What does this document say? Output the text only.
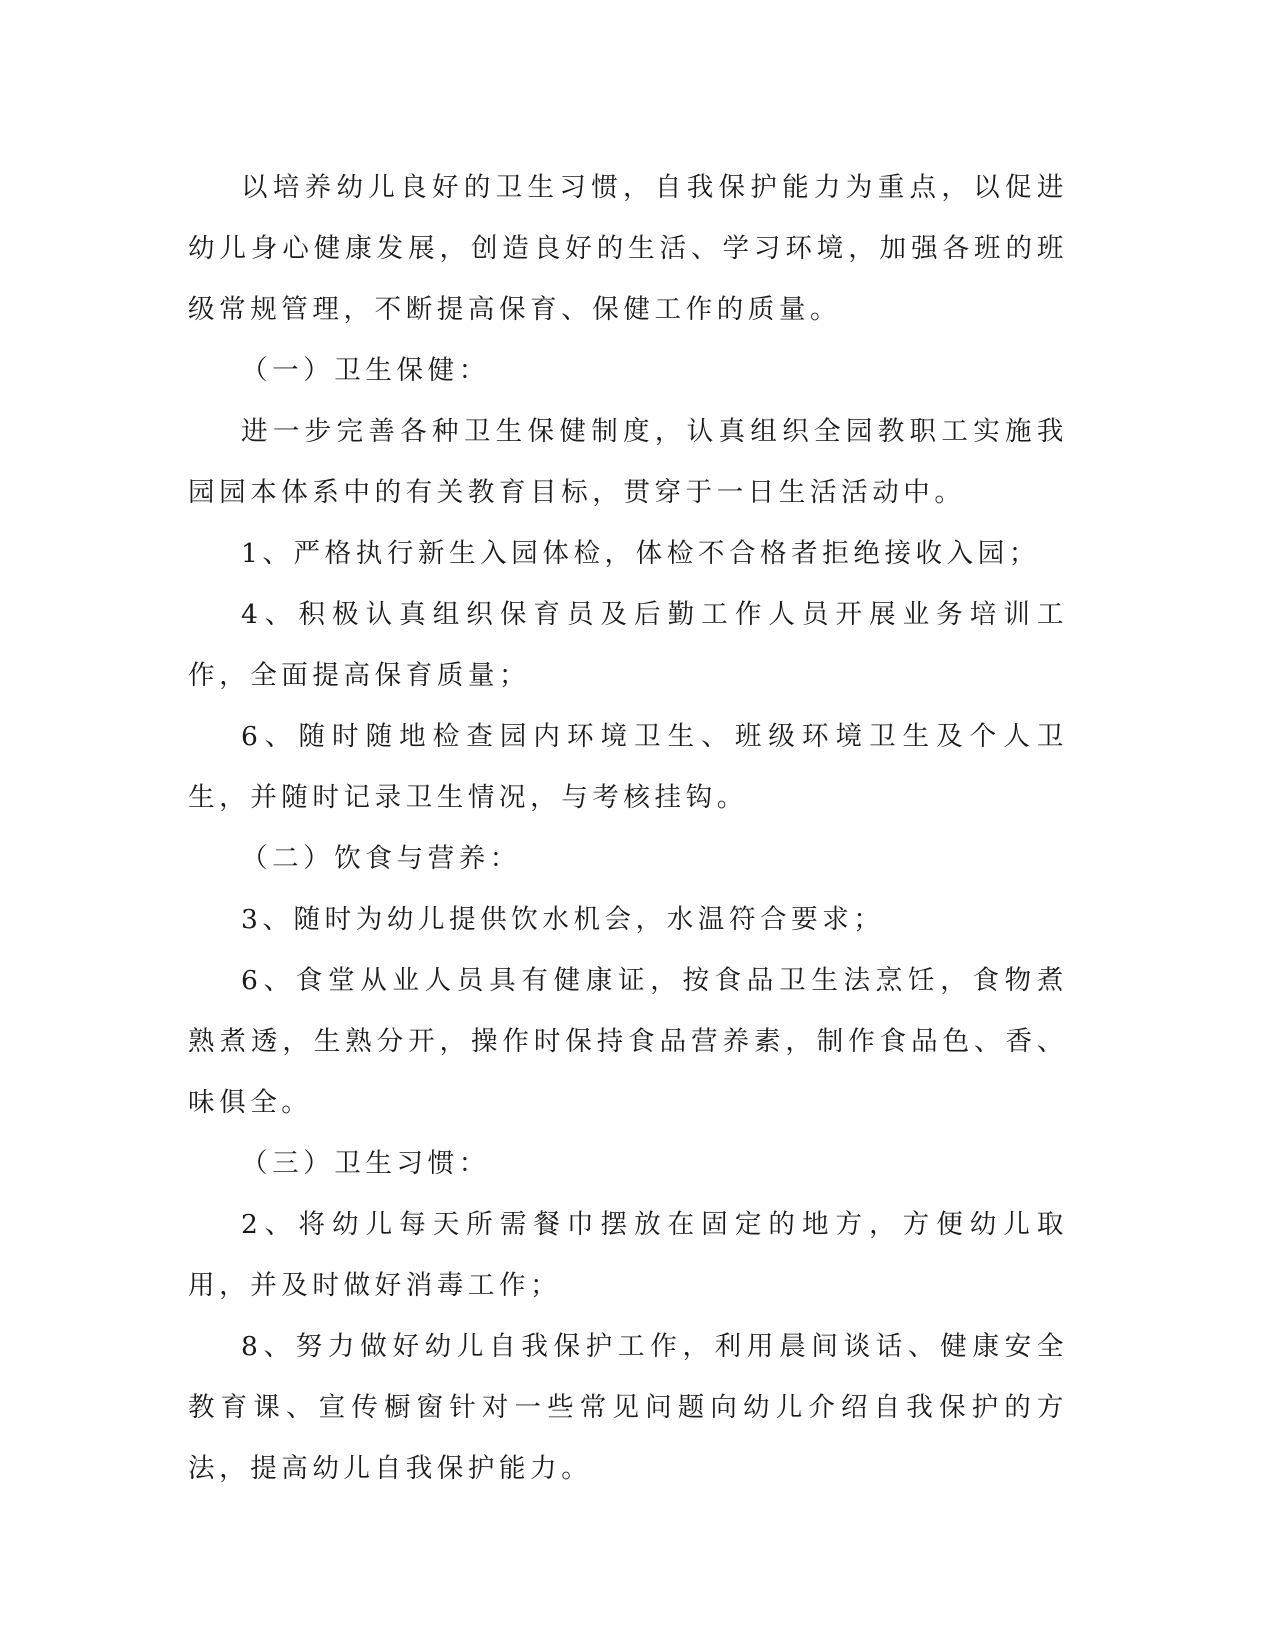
以培养幼儿良好的卫生习惯，自我保护能力为重点，以促进幼儿身心健康发展，创造良好的生活、学习环境，加强各班的班级常规管理，不断提高保育、保健工作的质量。

（一）卫生保健：

进一步完善各种卫生保健制度，认真组织全园教职工实施我园园本体系中的有关教育目标，贯穿于一日生活活动中。

1、严格执行新生入园体检，体检不合格者拒绝接收入园；

4、积极认真组织保育员及后勤工作人员开展业务培训工作，全面提高保育质量；

6、随时随地检查园内环境卫生、班级环境卫生及个人卫生，并随时记录卫生情况，与考核挂钩。

（二）饮食与营养：

3、随时为幼儿提供饮水机会，水温符合要求；

6、食堂从业人员具有健康证，按食品卫生法烹饪，食物煮熟煮透，生熟分开，操作时保持食品营养素，制作食品色、香、味俱全。

（三）卫生习惯：

2、将幼儿每天所需餐巾摆放在固定的地方，方便幼儿取用，并及时做好消毒工作；

8、努力做好幼儿自我保护工作，利用晨间谈话、健康安全教育课、宣传橱窗针对一些常见问题向幼儿介绍自我保护的方法，提高幼儿自我保护能力。
